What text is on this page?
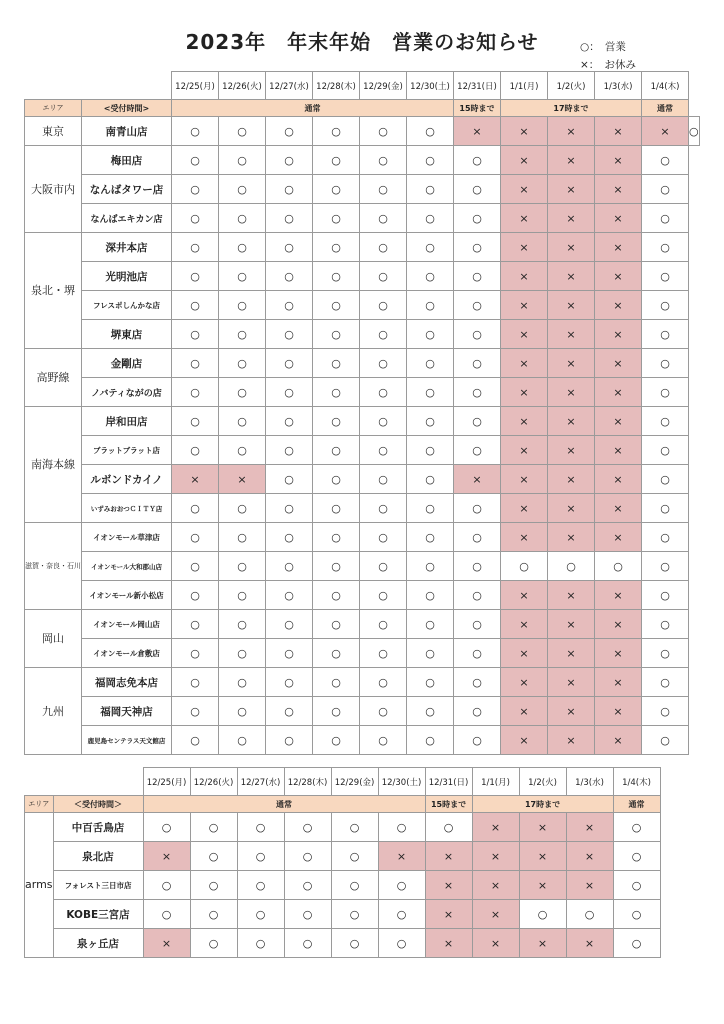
2023年　年末年始　営業のお知らせ	○：　営業
×：　お休み
		12/25(月)	12/26(火)	12/27(水)	12/28(木)	12/29(金)	12/30(土)	12/31(日)	1/1(月)	1/2(火)	1/3(水)	1/4(木)	
エリア	<受付時間>	通常						15時まで	17時まで			通常	
東京	南青山店	○	○	○	○	○	○	×	×	×	×	×	○
大阪市内	梅田店	○	○	○	○	○	○	○	×	×	×	○	
	なんばタワー店	○	○	○	○	○	○	○	×	×	×	○	
	なんばエキカン店	○	○	○	○	○	○	○	×	×	×	○	
泉北・堺	深井本店	○	○	○	○	○	○	○	×	×	×	○	
	光明池店	○	○	○	○	○	○	○	×	×	×	○	
	フレスポしんかな店	○	○	○	○	○	○	○	×	×	×	○	
	堺東店	○	○	○	○	○	○	○	×	×	×	○	
高野線	金剛店	○	○	○	○	○	○	○	×	×	×	○	
	ノバティながの店	○	○	○	○	○	○	○	×	×	×	○	
南海本線	岸和田店	○	○	○	○	○	○	○	×	×	×	○	
	ブラットブラット店	○	○	○	○	○	○	○	×	×	×	○	
	ルボンドカイノ	×	×	○	○	○	○	×	×	×	×	○	
	いずみおおつＣＩＴＹ店	○	○	○	○	○	○	○	×	×	×	○	
滋賀・奈良・石川	イオンモール草津店	○	○	○	○	○	○	○	×	×	×	○	
	イオンモール大和郡山店	○	○	○	○	○	○	○	○	○	○	○	
	イオンモール新小松店	○	○	○	○	○	○	○	×	×	×	○	
岡山	イオンモール岡山店	○	○	○	○	○	○	○	×	×	×	○	
	イオンモール倉敷店	○	○	○	○	○	○	○	×	×	×	○	
九州	福岡志免本店	○	○	○	○	○	○	○	×	×	×	○	
	福岡天神店	○	○	○	○	○	○	○	×	×	×	○	
	鹿児島センテラス天文館店	○	○	○	○	○	○	○	×	×	×	○	
		12/25(月)	12/26(火)	12/27(水)	12/28(木)	12/29(金)	12/30(土)	12/31(日)	1/1(月)	1/2(火)	1/3(水)	1/4(木)
エリア	＜受付時間＞	通常						15時まで	17時まで			通常
arms	中百舌鳥店	○	○	○	○	○	○	○	×	×	×	○
	泉北店	×	○	○	○	○	×	×	×	×	×	○
	フォレスト三日市店	○	○	○	○	○	○	×	×	×	×	○
	KOBE三宮店	○	○	○	○	○	○	×	×	○	○	○
	泉ヶ丘店	×	○	○	○	○	○	×	×	×	×	○
